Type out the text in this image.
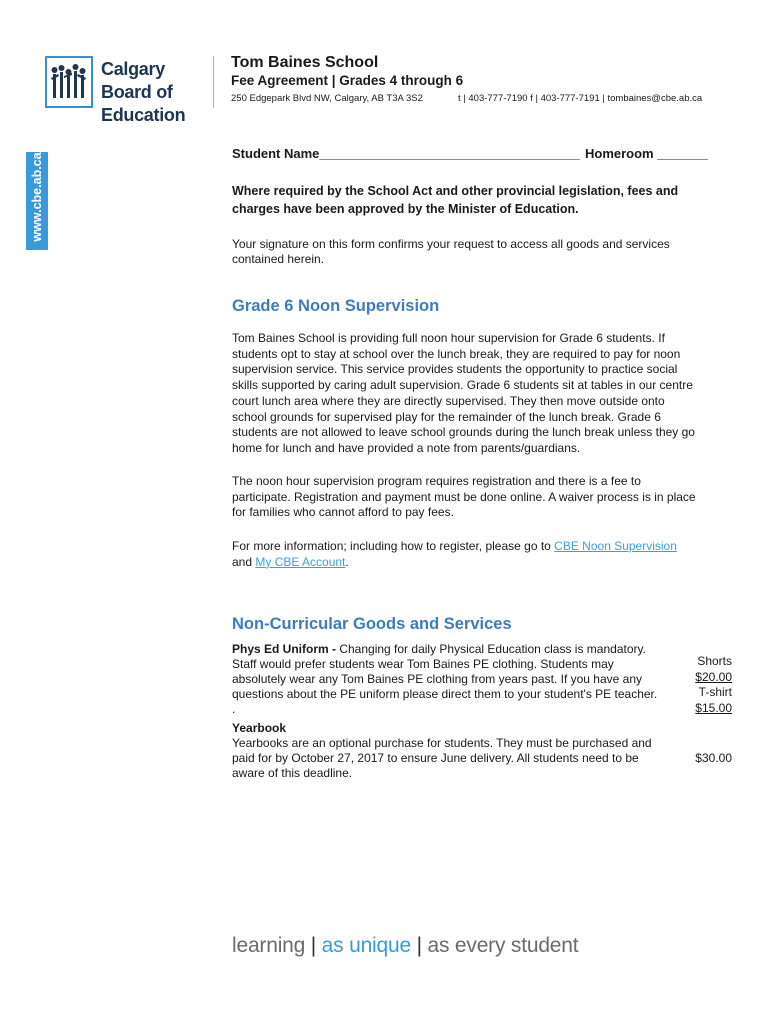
Calgary Board of Education
www.cbe.ab.ca
Tom Baines School
Fee Agreement | Grades 4 through 6
250 Edgepark Blvd NW, Calgary, AB T3A 3S2	t | 403-777-7190 f | 403-777-7191 | tombaines@cbe.ab.ca
Student Name____________________________________ Homeroom _______
Where required by the School Act and other provincial legislation, fees and charges have been approved by the Minister of Education.
Your signature on this form confirms your request to access all goods and services contained herein.
Grade 6 Noon Supervision
Tom Baines School is providing full noon hour supervision for Grade 6 students. If students opt to stay at school over the lunch break, they are required to pay for noon supervision service. This service provides students the opportunity to practice social skills supported by caring adult supervision. Grade 6 students sit at tables in our centre court lunch area where they are directly supervised. They then move outside onto school grounds for supervised play for the remainder of the lunch break. Grade 6 students are not allowed to leave school grounds during the lunch break unless they go home for lunch and have provided a note from parents/guardians.
The noon hour supervision program requires registration and there is a fee to participate. Registration and payment must be done online. A waiver process is in place for families who cannot afford to pay fees.
For more information; including how to register, please go to CBE Noon Supervision and My CBE Account.
Non-Curricular Goods and Services
Phys Ed Uniform - Changing for daily Physical Education class is mandatory. Staff would prefer students wear Tom Baines PE clothing. Students may absolutely wear any Tom Baines PE clothing from years past. If you have any questions about the PE uniform please direct them to your student's PE teacher. .
Shorts
$20.00
T-shirt
$15.00
Yearbook
Yearbooks are an optional purchase for students. They must be purchased and paid for by October 27, 2017 to ensure June delivery. All students need to be aware of this deadline.
$30.00
learning | as unique | as every student
